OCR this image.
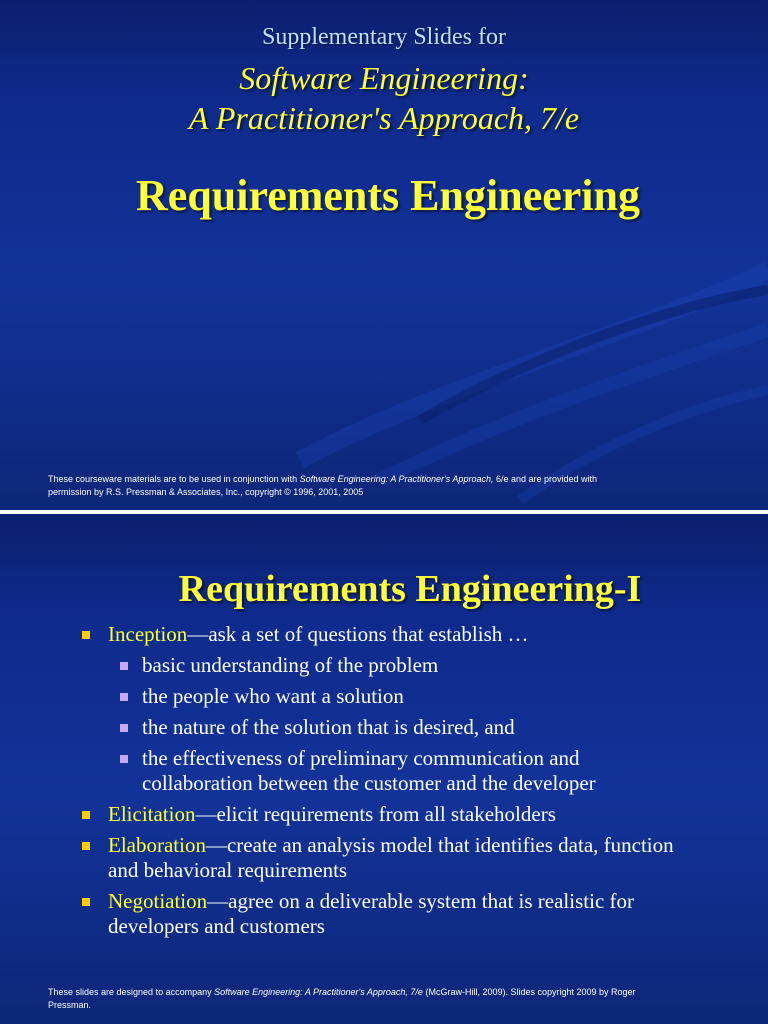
Supplementary Slides for
Software Engineering:
A Practitioner's Approach, 7/e
Requirements Engineering
These courseware materials are to be used in conjunction with Software Engineering: A Practitioner's Approach, 6/e and are provided with
permission by R.S. Pressman & Associates, Inc., copyright © 1996, 2001, 2005
Requirements Engineering-I
Inception—ask a set of questions that establish …
basic understanding of the problem
the people who want a solution
the nature of the solution that is desired, and
the effectiveness of preliminary communication and collaboration between the customer and the developer
Elicitation—elicit requirements from all stakeholders
Elaboration—create an analysis model that identifies data, function and behavioral requirements
Negotiation—agree on a deliverable system that is realistic for developers and customers
These slides are designed to accompany Software Engineering: A Practitioner's Approach, 7/e (McGraw-Hill, 2009). Slides copyright 2009 by Roger
Pressman.
